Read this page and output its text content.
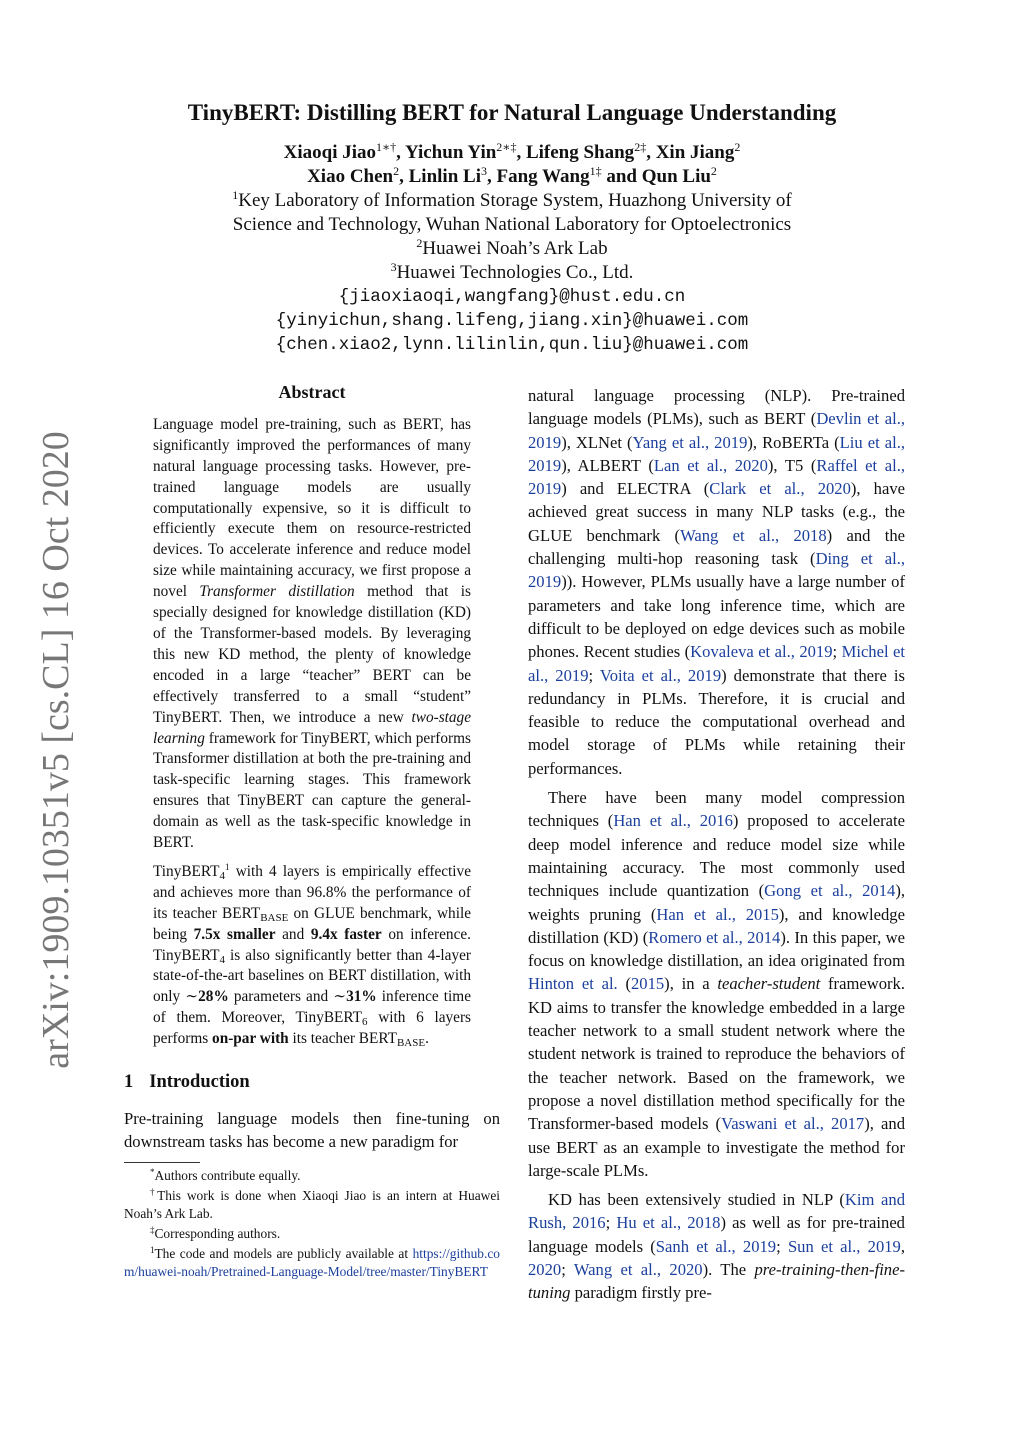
arXiv:1909.10351v5 [cs.CL] 16 Oct 2020
TinyBERT: Distilling BERT for Natural Language Understanding
Xiaoqi Jiao$^{1∗\dagger}$, Yichun Yin$^{2∗\ddagger}$, Lifeng Shang$^{2\ddagger}$, Xin Jiang$^2$
Xiao Chen$^2$, Linlin Li$^3$, Fang Wang$^{1\ddagger}$ and Qun Liu$^2$
$^1$Key Laboratory of Information Storage System, Huazhong University of
Science and Technology, Wuhan National Laboratory for Optoelectronics
$^2$Huawei Noah’s Ark Lab
$^3$Huawei Technologies Co., Ltd.
{jiaoxiaoqi,wangfang}@hust.edu.cn
{yinyichun,shang.lifeng,jiang.xin}@huawei.com
{chen.xiao2,lynn.lilinlin,qun.liu}@huawei.com
Abstract

Language model pre-training, such as BERT, has significantly improved the performances of many natural language processing tasks. However, pre-trained language models are usually computationally expensive, so it is difficult to efficiently execute them on resource-restricted devices. To accelerate inference and reduce model size while maintaining accuracy, we first propose a novel Transformer distillation method that is specially designed for knowledge distillation (KD) of the Transformer-based models. By leveraging this new KD method, the plenty of knowledge encoded in a large “teacher” BERT can be effectively transferred to a small “student” TinyBERT. Then, we introduce a new two-stage learning framework for TinyBERT, which performs Transformer distillation at both the pre-training and task-specific learning stages. This framework ensures that TinyBERT can capture the general-domain as well as the task-specific knowledge in BERT.

TinyBERT$_4^1$ with 4 layers is empirically effective and achieves more than 96.8% the performance of its teacher $BERT_{BASE}$ on GLUE benchmark, while being 7.5x smaller and 9.4x faster on inference. TinyBERT$_4$ is also significantly better than 4-layer state-of-the-art baselines on BERT distillation, with only ∼28% parameters and ∼31% inference time of them. Moreover, TinyBERT$_6$ with 6 layers performs on-par with its teacher $BERT_{BASE}$.

1 Introduction

Pre-training language models then fine-tuning on downstream tasks has become a new paradigm for

*Authors contribute equally.
†This work is done when Xiaoqi Jiao is an intern at Huawei Noah’s Ark Lab.
‡Corresponding authors.
$^1$The code and models are publicly available at https://github.com/huawei-noah/Pretrained-Language-Model/tree/master/TinyBERT

natural language processing (NLP). Pre-trained language models (PLMs), such as BERT (Devlin et al., 2019), XLNet (Yang et al., 2019), RoBERTa (Liu et al., 2019), ALBERT (Lan et al., 2020), T5 (Raffel et al., 2019) and ELECTRA (Clark et al., 2020), have achieved great success in many NLP tasks (e.g., the GLUE benchmark (Wang et al., 2018) and the challenging multi-hop reasoning task (Ding et al., 2019)). However, PLMs usually have a large number of parameters and take long inference time, which are difficult to be deployed on edge devices such as mobile phones. Recent studies (Kovaleva et al., 2019; Michel et al., 2019; Voita et al., 2019) demonstrate that there is redundancy in PLMs. Therefore, it is crucial and feasible to reduce the computational overhead and model storage of PLMs while retaining their performances.

There have been many model compression techniques (Han et al., 2016) proposed to accelerate deep model inference and reduce model size while maintaining accuracy. The most commonly used techniques include quantization (Gong et al., 2014), weights pruning (Han et al., 2015), and knowledge distillation (KD) (Romero et al., 2014). In this paper, we focus on knowledge distillation, an idea originated from Hinton et al. (2015), in a teacher-student framework. KD aims to transfer the knowledge embedded in a large teacher network to a small student network where the student network is trained to reproduce the behaviors of the teacher network. Based on the framework, we propose a novel distillation method specifically for the Transformer-based models (Vaswani et al., 2017), and use BERT as an example to investigate the method for large-scale PLMs.

KD has been extensively studied in NLP (Kim and Rush, 2016; Hu et al., 2018) as well as for pre-trained language models (Sanh et al., 2019; Sun et al., 2019, 2020; Wang et al., 2020). The pre-training-then-fine-tuning paradigm firstly pre-
